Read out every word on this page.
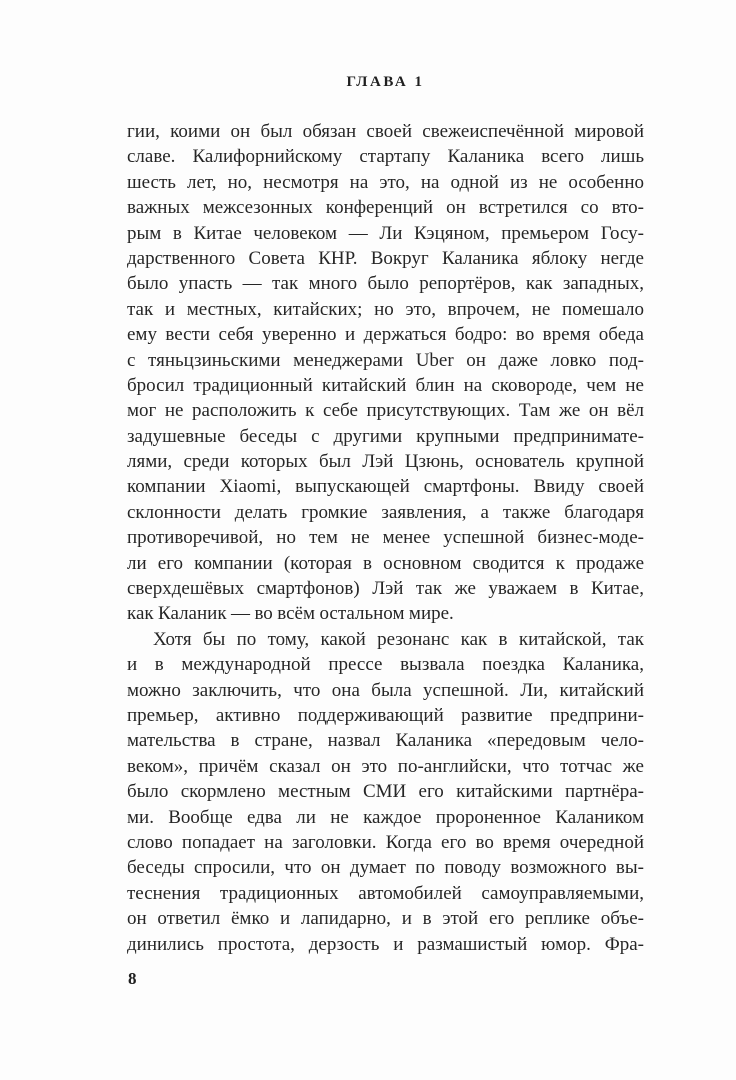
ГЛАВА 1
гии, коими он был обязан своей свежеиспечённой мировой
славе. Калифорнийскому стартапу Каланика всего лишь
шесть лет, но, несмотря на это, на одной из не особенно
важных межсезонных конференций он встретился со вто-
рым в Китае человеком — Ли Кэцяном, премьером Госу-
дарственного Совета КНР. Вокруг Каланика яблоку негде
было упасть — так много было репортёров, как западных,
так и местных, китайских; но это, впрочем, не помешало
ему вести себя уверенно и держаться бодро: во время обеда
с тяньцзиньскими менеджерами Uber он даже ловко под-
бросил традиционный китайский блин на сковороде, чем не
мог не расположить к себе присутствующих. Там же он вёл
задушевные беседы с другими крупными предпринимате-
лями, среди которых был Лэй Цзюнь, основатель крупной
компании Xiaomi, выпускающей смартфоны. Ввиду своей
склонности делать громкие заявления, а также благодаря
противоречивой, но тем не менее успешной бизнес-моде-
ли его компании (которая в основном сводится к продаже
сверхдешёвых смартфонов) Лэй так же уважаем в Китае,
как Каланик — во всём остальном мире.
Хотя бы по тому, какой резонанс как в китайской, так
и в международной прессе вызвала поездка Каланика,
можно заключить, что она была успешной. Ли, китайский
премьер, активно поддерживающий развитие предприни-
мательства в стране, назвал Каланика «передовым чело-
веком», причём сказал он это по-английски, что тотчас же
было скормлено местным СМИ его китайскими партнёра-
ми. Вообще едва ли не каждое пророненное Калаником
слово попадает на заголовки. Когда его во время очередной
беседы спросили, что он думает по поводу возможного вы-
теснения традиционных автомобилей самоуправляемыми,
он ответил ёмко и лапидарно, и в этой его реплике объе-
динились простота, дерзость и размашистый юмор. Фра-
8
